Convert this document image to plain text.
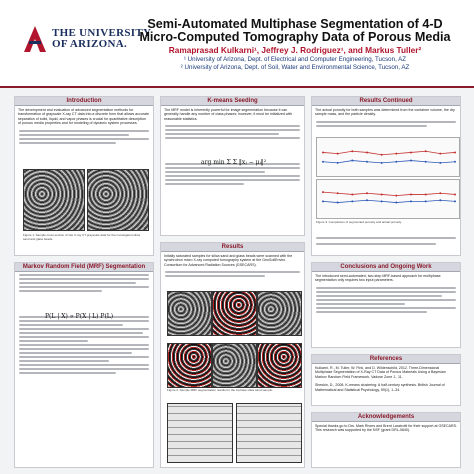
THE UNIVERSITY
OF ARIZONA.
Semi-Automated Multiphase Segmentation of 4-D Micro-Computed Tomography Data of Porous Media
Ramaprasad Kulkarni¹, Jeffrey J. Rodriguez¹, and Markus Tuller²
¹ University of Arizona, Dept. of Electrical and Computer Engineering, Tucson, AZ
² University of Arizona, Dept. of Soil, Water and Environmental Science, Tucson, AZ
Introduction
The development and evaluation of advanced segmentation methods for transformation of grayscale X-ray CT data into a discrete form that allows accurate separation of solid, liquid, and vapor phases is crucial for quantitative description of porous media properties and for modeling of dynamic system processes.
Figure 1. Sample cross section of raw X-ray CT grayscale data for the investigated silica sand and glass beads.
Markov Random Field (MRF) Segmentation
P(L | X) ∝ P(X | L) P(L)
K-means Seeding
The MRF model is inherently powerful for image segmentation because it can generally handle any number of class phases; however, it must be initialized with reasonable statistics.
arg min Σ Σ ‖xⱼ − μᵢ‖²
Results
Initially saturated samples for silica sand and glass beads were scanned with the synchrotron micro X-ray computed tomography system at the GeoSoilEnviro Consortium for Advanced Radiation Sources (GSECARS).
Figure 2. Sample MRF segmentation results for the 4-phase silica sand sample.
Results Continued
The actual porosity for both samples was determined from the container volume, the dry sample mass, and the particle density.
Figure 3. Comparison of segmented porosity and actual porosity.
Conclusions and Ongoing Work
The introduced semi-automated, two-step MRF-based approach for multiphase segmentation only requires two input parameters.
References
Kulkarni, R., M. Tuller, W. Fink, and D. Wildenschild, 2012. Three-Dimensional Multiphase Segmentation of X-Ray CT Data of Porous Materials Using a Bayesian Markov Random Field Framework. Vadose Zone J., 11.
Sheskin, D., 2008. K-means clustering: A half-century synthesis. British Journal of Mathematical and Statistical Psychology, 59(1), 1–34.
Acknowledgements
Special thanks go to Drs. Mark Rivers and Brent Lanzirotti for their support at GSECARS. This research was supported by the NSF (grant DRL-0840).
